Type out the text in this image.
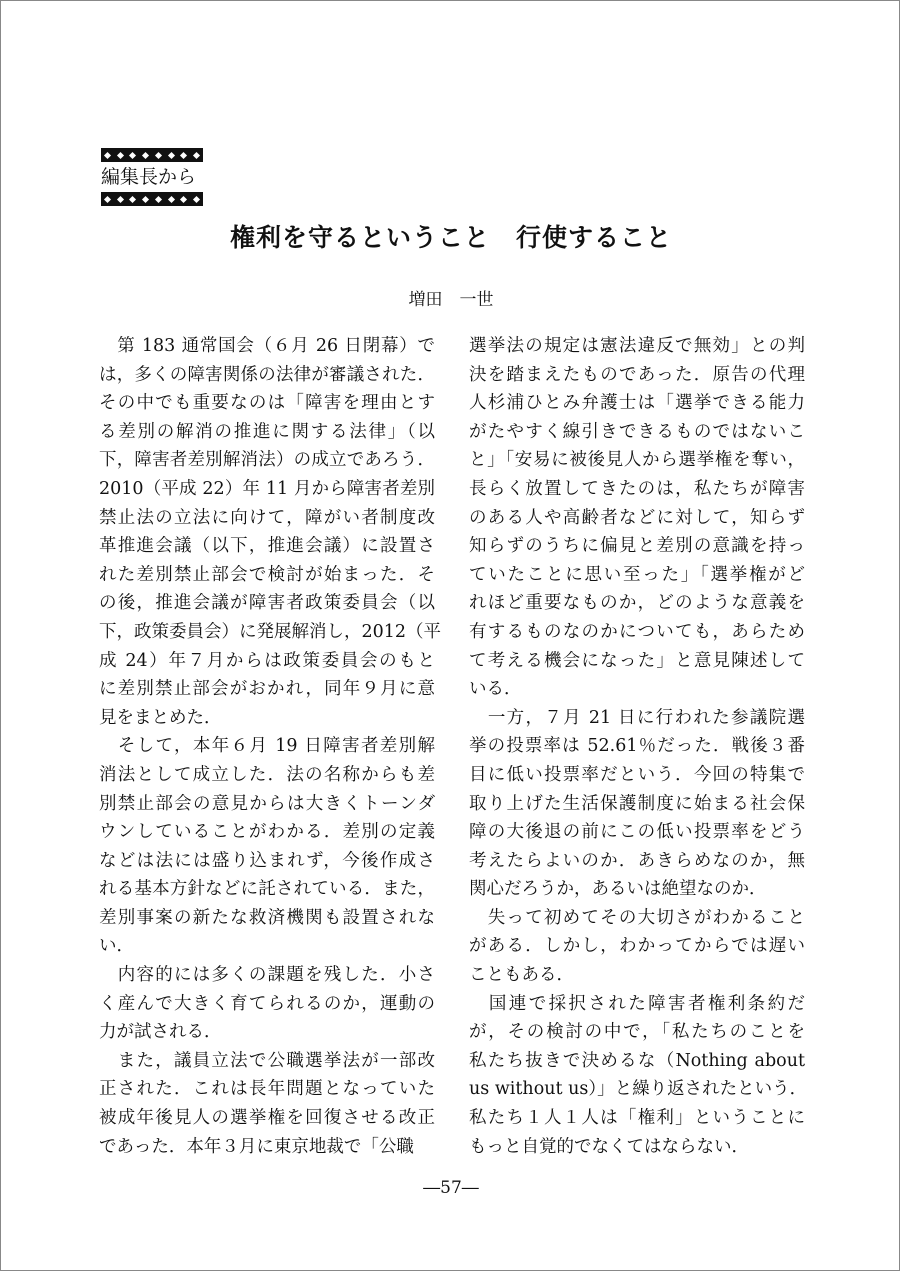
編集長から
権利を守るということ　行使すること
増田　一世
　第 183 通常国会（６月 26 日閉幕）で
は，多くの障害関係の法律が審議された．
その中でも重要なのは「障害を理由とす
る差別の解消の推進に関する法律」（以
下，障害者差別解消法）の成立であろう．
2010（平成 22）年 11 月から障害者差別
禁止法の立法に向けて，障がい者制度改
革推進会議（以下，推進会議）に設置さ
れた差別禁止部会で検討が始まった．そ
の後，推進会議が障害者政策委員会（以
下，政策委員会）に発展解消し，2012（平
成 24）年７月からは政策委員会のもと
に差別禁止部会がおかれ，同年９月に意
見をまとめた．
　そして，本年６月 19 日障害者差別解
消法として成立した．法の名称からも差
別禁止部会の意見からは大きくトーンダ
ウンしていることがわかる．差別の定義
などは法には盛り込まれず，今後作成さ
れる基本方針などに託されている．また，
差別事案の新たな救済機関も設置されな
い．
　内容的には多くの課題を残した．小さ
く産んで大きく育てられるのか，運動の
力が試される．
　また，議員立法で公職選挙法が一部改
正された．これは長年問題となっていた
被成年後見人の選挙権を回復させる改正
であった．本年３月に東京地裁で「公職
選挙法の規定は憲法違反で無効」との判
決を踏まえたものであった．原告の代理
人杉浦ひとみ弁護士は「選挙できる能力
がたやすく線引きできるものではないこ
と」「安易に被後見人から選挙権を奪い，
長らく放置してきたのは，私たちが障害
のある人や高齢者などに対して，知らず
知らずのうちに偏見と差別の意識を持っ
ていたことに思い至った」「選挙権がど
れほど重要なものか，どのような意義を
有するものなのかについても，あらため
て考える機会になった」と意見陳述して
いる．
　一方，７月 21 日に行われた参議院選
挙の投票率は 52.61％だった．戦後３番
目に低い投票率だという．今回の特集で
取り上げた生活保護制度に始まる社会保
障の大後退の前にこの低い投票率をどう
考えたらよいのか．あきらめなのか，無
関心だろうか，あるいは絶望なのか．
　失って初めてその大切さがわかること
がある．しかし，わかってからでは遅い
こともある．
　国連で採択された障害者権利条約だ
が，その検討の中で，「私たちのことを
私たち抜きで決めるな（Nothing about
us without us）」と繰り返されたという．
私たち１人１人は「権利」ということに
もっと自覚的でなくてはならない．
―57―
